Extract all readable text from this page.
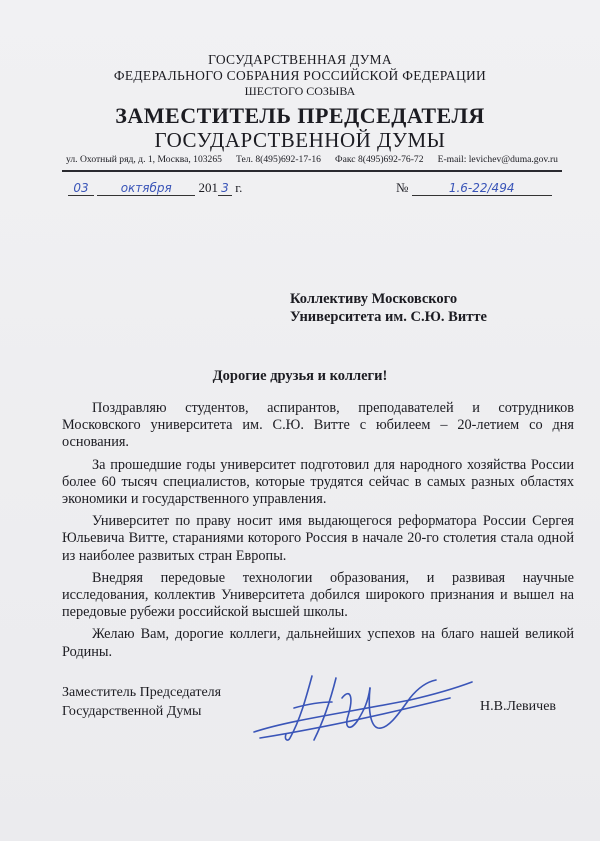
ГОСУДАРСТВЕННАЯ ДУМА
ФЕДЕРАЛЬНОГО СОБРАНИЯ РОССИЙСКОЙ ФЕДЕРАЦИИ
ШЕСТОГО СОЗЫВА
ЗАМЕСТИТЕЛЬ ПРЕДСЕДАТЕЛЯ
ГОСУДАРСТВЕННОЙ ДУМЫ
ул. Охотный ряд, д. 1, Москва, 103265 Тел. 8(495)692-17-16 Факс 8(495)692-76-72 E-mail: levichev@duma.gov.ru
03	октября 201 3 г.	№	1.6-22/494
Коллективу Московского
Университета им. С.Ю. Витте
Дорогие друзья и коллеги!

Поздравляю студентов, аспирантов, преподавателей и сотрудников Московского университета им. С.Ю. Витте с юбилеем – 20-летием со дня основания.

За прошедшие годы университет подготовил для народного хозяйства России более 60 тысяч специалистов, которые трудятся сейчас в самых разных областях экономики и государственного управления.

Университет по праву носит имя выдающегося реформатора России Сергея Юльевича Витте, стараниями которого Россия в начале 20-го столетия стала одной из наиболее развитых стран Европы.

Внедряя передовые технологии образования, и развивая научные исследования, коллектив Университета добился широкого признания и вышел на передовые рубежи российской высшей школы.

Желаю Вам, дорогие коллеги, дальнейших успехов на благо нашей великой Родины.

Заместитель Председателя
Государственной Думы	Н.В.Левичев
